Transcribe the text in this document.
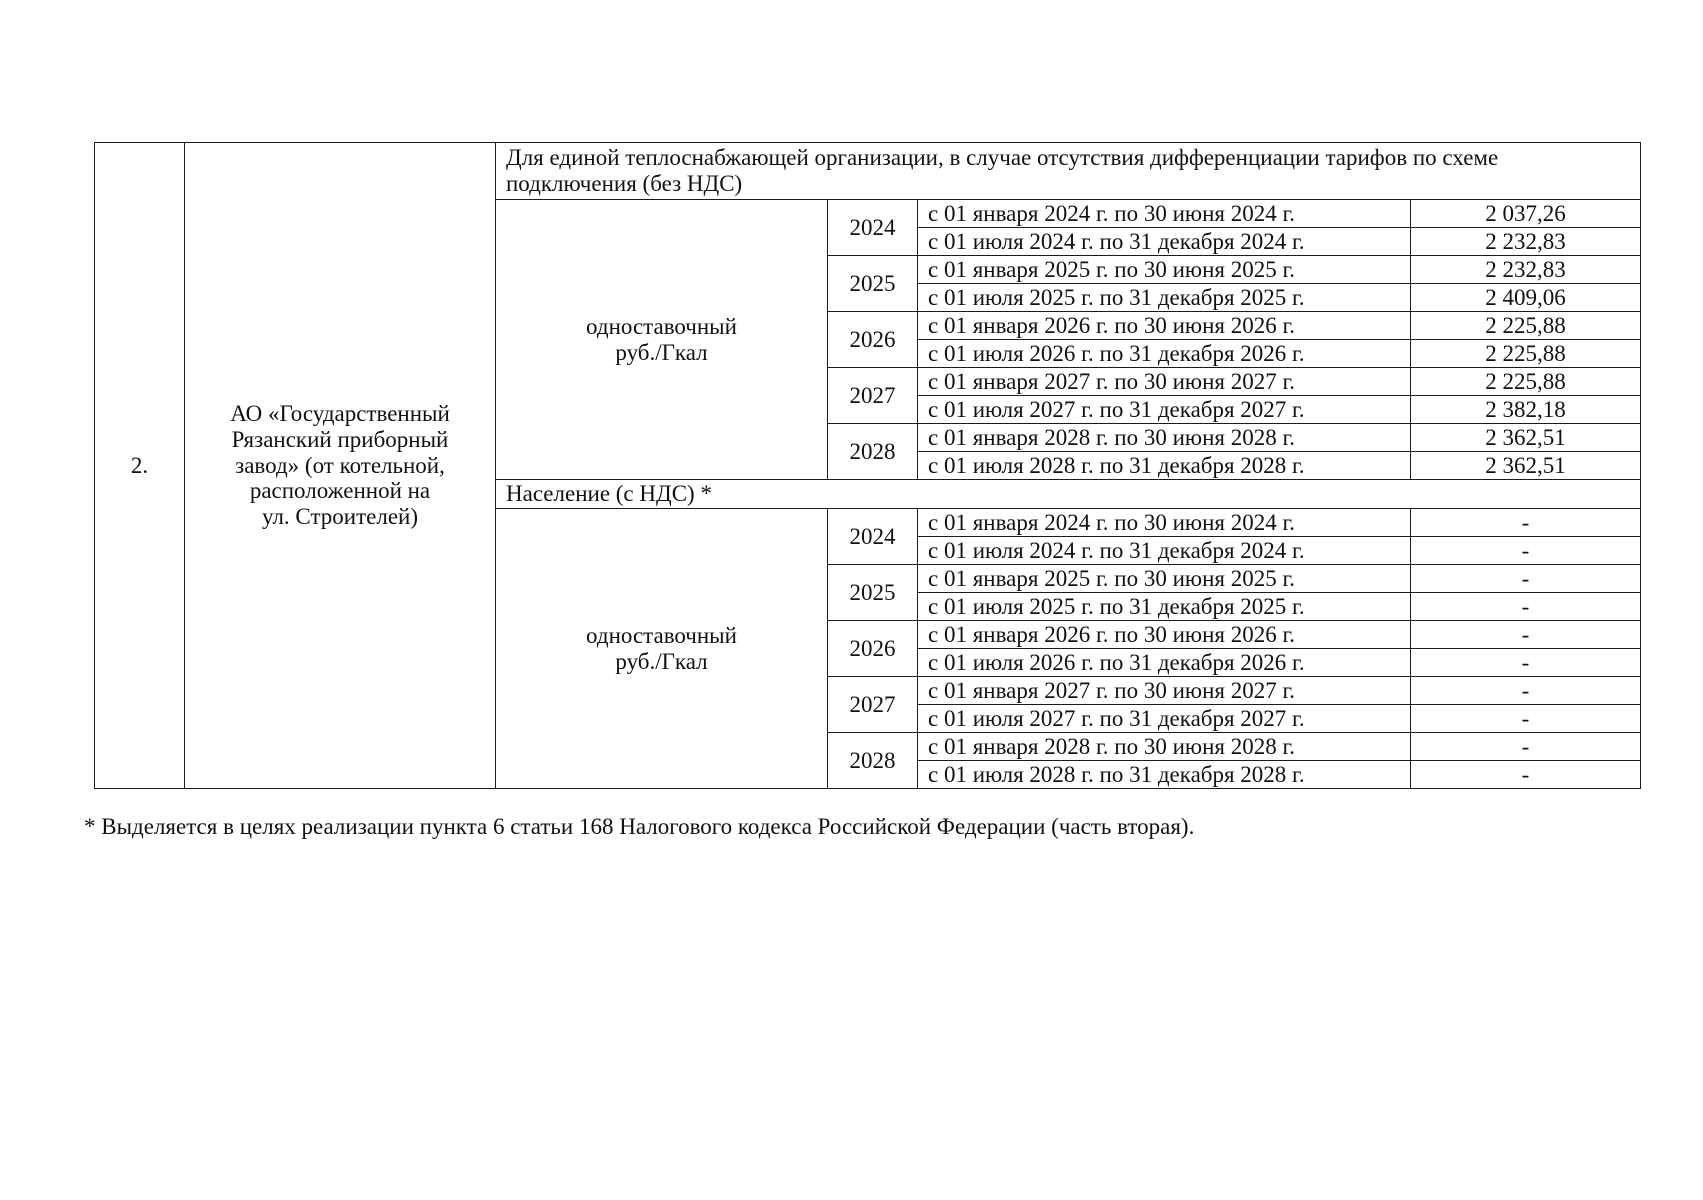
2.	АО «Государственный
Рязанский приборный
завод» (от котельной,
расположенной на
ул. Строителей)	Для единой теплоснабжающей организации, в случае отсутствия дифференциации тарифов по схеме подключения (без НДС)			

		одноставочный
руб./Гкал	2024	с 01 января 2024 г. по 30 июня 2024 г.	2 037,26
				с 01 июля 2024 г. по 31 декабря 2024 г.	2 232,83
			2025	с 01 января 2025 г. по 30 июня 2025 г.	2 232,83
				с 01 июля 2025 г. по 31 декабря 2025 г.	2 409,06
			2026	с 01 января 2026 г. по 30 июня 2026 г.	2 225,88
				с 01 июля 2026 г. по 31 декабря 2026 г.	2 225,88
			2027	с 01 января 2027 г. по 30 июня 2027 г.	2 225,88
				с 01 июля 2027 г. по 31 декабря 2027 г.	2 382,18
			2028	с 01 января 2028 г. по 30 июня 2028 г.	2 362,51
				с 01 июля 2028 г. по 31 декабря 2028 г.	2 362,51
		Население (с НДС) *			

		одноставочный
руб./Гкал	2024	с 01 января 2024 г. по 30 июня 2024 г.	-
				с 01 июля 2024 г. по 31 декабря 2024 г.	-
			2025	с 01 января 2025 г. по 30 июня 2025 г.	-
				с 01 июля 2025 г. по 31 декабря 2025 г.	-
			2026	с 01 января 2026 г. по 30 июня 2026 г.	-
				с 01 июля 2026 г. по 31 декабря 2026 г.	-
			2027	с 01 января 2027 г. по 30 июня 2027 г.	-
				с 01 июля 2027 г. по 31 декабря 2027 г.	-
			2028	с 01 января 2028 г. по 30 июня 2028 г.	-
				с 01 июля 2028 г. по 31 декабря 2028 г.	-
* Выделяется в целях реализации пункта 6 статьи 168 Налогового кодекса Российской Федерации (часть вторая).
